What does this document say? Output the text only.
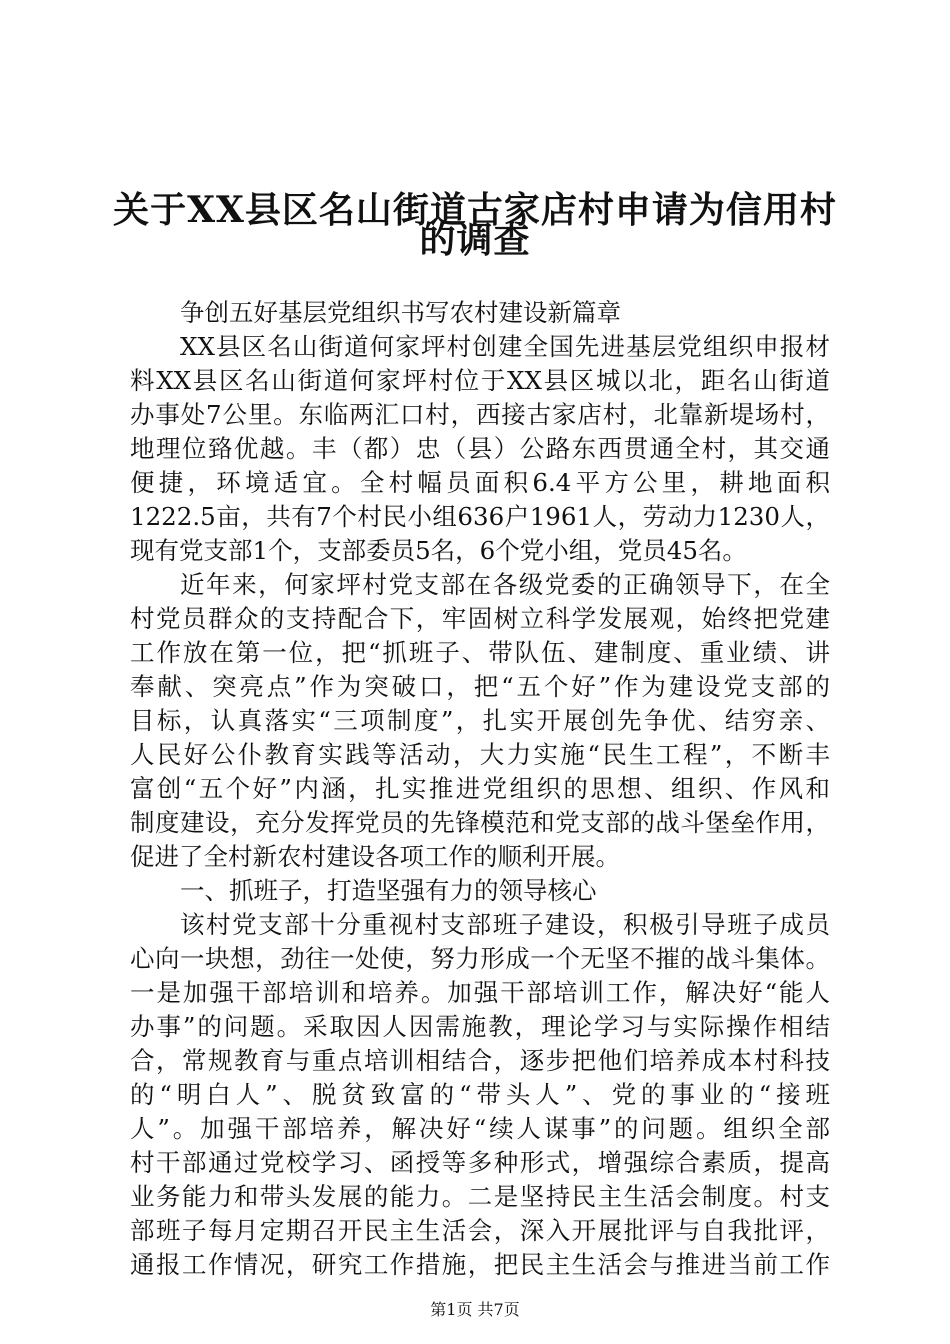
关于XX县区名山街道古家店村申请为信用村
的调查
争创五好基层党组织书写农村建设新篇章
XX县区名山街道何家坪村创建全国先进基层党组织申报材
料XX县区名山街道何家坪村位于XX县区城以北，距名山街道
办事处7公里。东临两汇口村，西接古家店村，北靠新堤场村，
地理位臵优越。丰（都）忠（县）公路东西贯通全村，其交通
便捷，环境适宜。全村幅员面积6.4平方公里，耕地面积
1222.5亩，共有7个村民小组636户1961人，劳动力1230人，
现有党支部1个，支部委员5名，6个党小组，党员45名。
近年来，何家坪村党支部在各级党委的正确领导下，在全
村党员群众的支持配合下，牢固树立科学发展观，始终把党建
工作放在第一位，把“抓班子、带队伍、建制度、重业绩、讲
奉献、突亮点”作为突破口，把“五个好”作为建设党支部的
目标，认真落实“三项制度”，扎实开展创先争优、结穷亲、
人民好公仆教育实践等活动，大力实施“民生工程”，不断丰
富创“五个好”内涵，扎实推进党组织的思想、组织、作风和
制度建设，充分发挥党员的先锋模范和党支部的战斗堡垒作用，
促进了全村新农村建设各项工作的顺利开展。
一、抓班子，打造坚强有力的领导核心
该村党支部十分重视村支部班子建设，积极引导班子成员
心向一块想，劲往一处使，努力形成一个无坚不摧的战斗集体。
一是加强干部培训和培养。加强干部培训工作，解决好“能人
办事”的问题。采取因人因需施教，理论学习与实际操作相结
合，常规教育与重点培训相结合，逐步把他们培养成本村科技
的“明白人”、脱贫致富的“带头人”、党的事业的“接班
人”。加强干部培养，解决好“续人谋事”的问题。组织全部
村干部通过党校学习、函授等多种形式，增强综合素质，提高
业务能力和带头发展的能力。二是坚持民主生活会制度。村支
部班子每月定期召开民主生活会，深入开展批评与自我批评，
通报工作情况，研究工作措施，把民主生活会与推进当前工作
第1页 共7页
